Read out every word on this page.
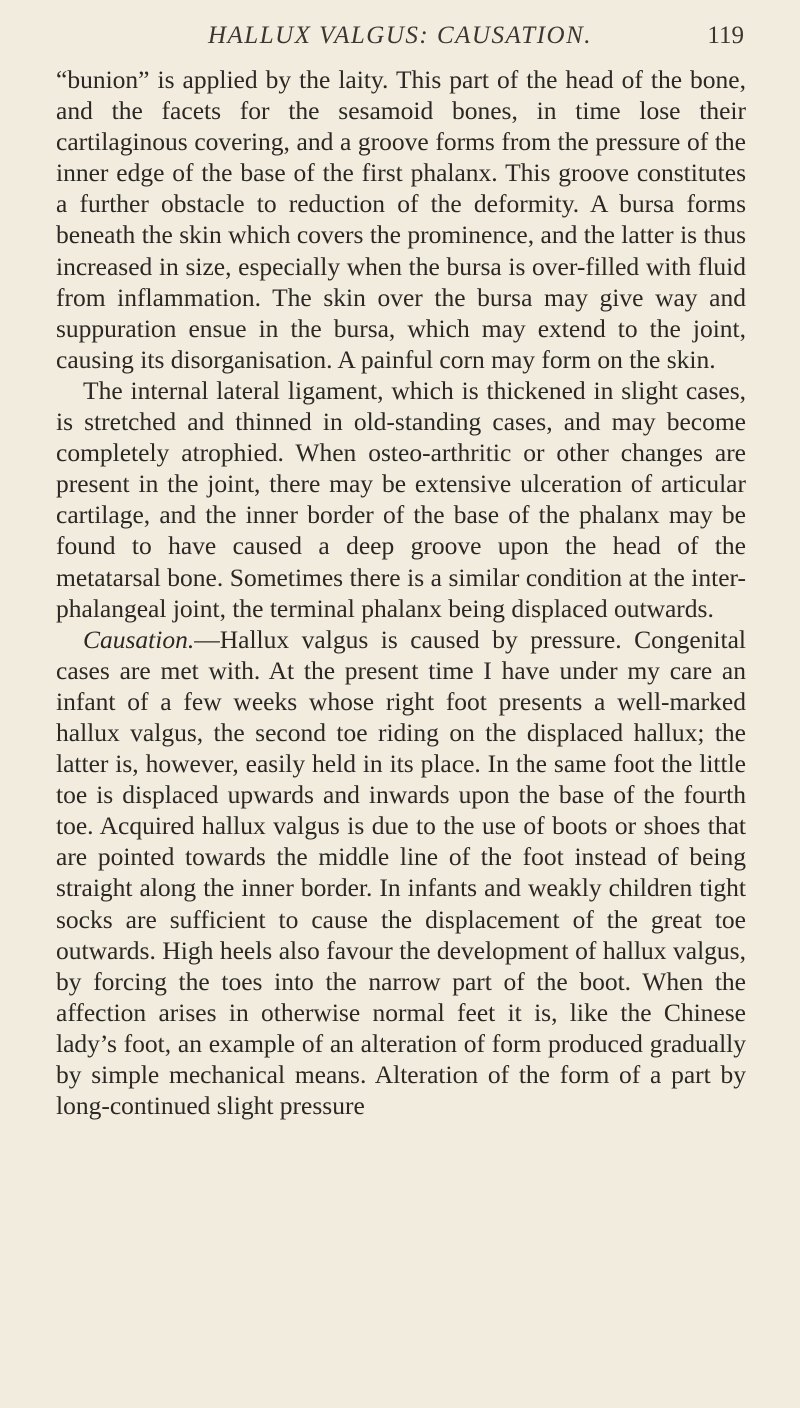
HALLUX VALGUS: CAUSATION.	119

“bunion” is applied by the laity. This part of the head of the bone, and the facets for the sesamoid bones, in time lose their cartilaginous covering, and a groove forms from the pressure of the inner edge of the base of the first phalanx. This groove constitutes a further obstacle to reduction of the deformity. A bursa forms beneath the skin which covers the prominence, and the latter is thus increased in size, especially when the bursa is over-filled with fluid from inflammation. The skin over the bursa may give way and suppuration ensue in the bursa, which may extend to the joint, causing its disorganisation. A painful corn may form on the skin.

The internal lateral ligament, which is thickened in slight cases, is stretched and thinned in old-standing cases, and may become completely atrophied. When osteo-arthritic or other changes are present in the joint, there may be extensive ulceration of articular cartilage, and the inner border of the base of the phalanx may be found to have caused a deep groove upon the head of the metatarsal bone. Sometimes there is a similar condition at the inter-phalangeal joint, the terminal phalanx being displaced outwards.

Causation.—Hallux valgus is caused by pressure. Congenital cases are met with. At the present time I have under my care an infant of a few weeks whose right foot presents a well-marked hallux valgus, the second toe riding on the displaced hallux; the latter is, however, easily held in its place. In the same foot the little toe is displaced upwards and inwards upon the base of the fourth toe. Acquired hallux valgus is due to the use of boots or shoes that are pointed towards the middle line of the foot instead of being straight along the inner border. In infants and weakly children tight socks are sufficient to cause the displacement of the great toe outwards. High heels also favour the development of hallux valgus, by forcing the toes into the narrow part of the boot. When the affection arises in otherwise normal feet it is, like the Chinese lady’s foot, an example of an alteration of form produced gradually by simple mechanical means. Alteration of the form of a part by long-continued slight pressure
